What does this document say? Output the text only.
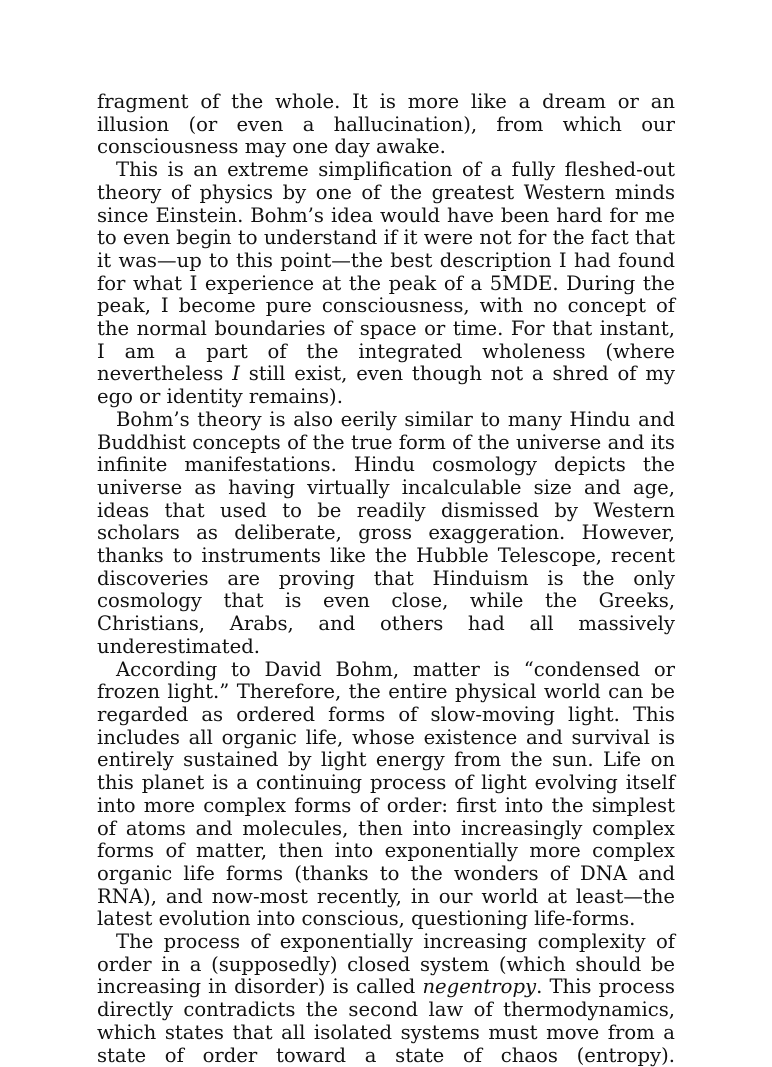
fragment of the whole. It is more like a dream or an illusion (or even a hallucination), from which our consciousness may one day awake.

This is an extreme simplification of a fully fleshed-out theory of physics by one of the greatest Western minds since Einstein. Bohm’s idea would have been hard for me to even begin to understand if it were not for the fact that it was—up to this point—the best description I had found for what I experience at the peak of a 5MDE. During the peak, I become pure consciousness, with no concept of the normal boundaries of space or time. For that instant, I am a part of the integrated wholeness (where nevertheless I still exist, even though not a shred of my ego or identity remains).

Bohm’s theory is also eerily similar to many Hindu and Buddhist concepts of the true form of the universe and its infinite manifestations. Hindu cosmology depicts the universe as having virtually incalculable size and age, ideas that used to be readily dismissed by Western scholars as deliberate, gross exaggeration. However, thanks to instruments like the Hubble Telescope, recent discoveries are proving that Hinduism is the only cosmology that is even close, while the Greeks, Christians, Arabs, and others had all massively underestimated.

According to David Bohm, matter is “condensed or frozen light.” Therefore, the entire physical world can be regarded as ordered forms of slow-moving light. This includes all organic life, whose existence and survival is entirely sustained by light energy from the sun. Life on this planet is a continuing process of light evolving itself into more complex forms of order: first into the simplest of atoms and molecules, then into increasingly complex forms of matter, then into exponentially more complex organic life forms (thanks to the wonders of DNA and RNA), and now-most recently, in our world at least—the latest evolution into conscious, questioning life-forms.

The process of exponentially increasing complexity of order in a (supposedly) closed system (which should be increasing in disorder) is called negentropy. This process directly contradicts the second law of thermodynamics, which states that all isolated systems must move from a state of order toward a state of chaos (entropy).
